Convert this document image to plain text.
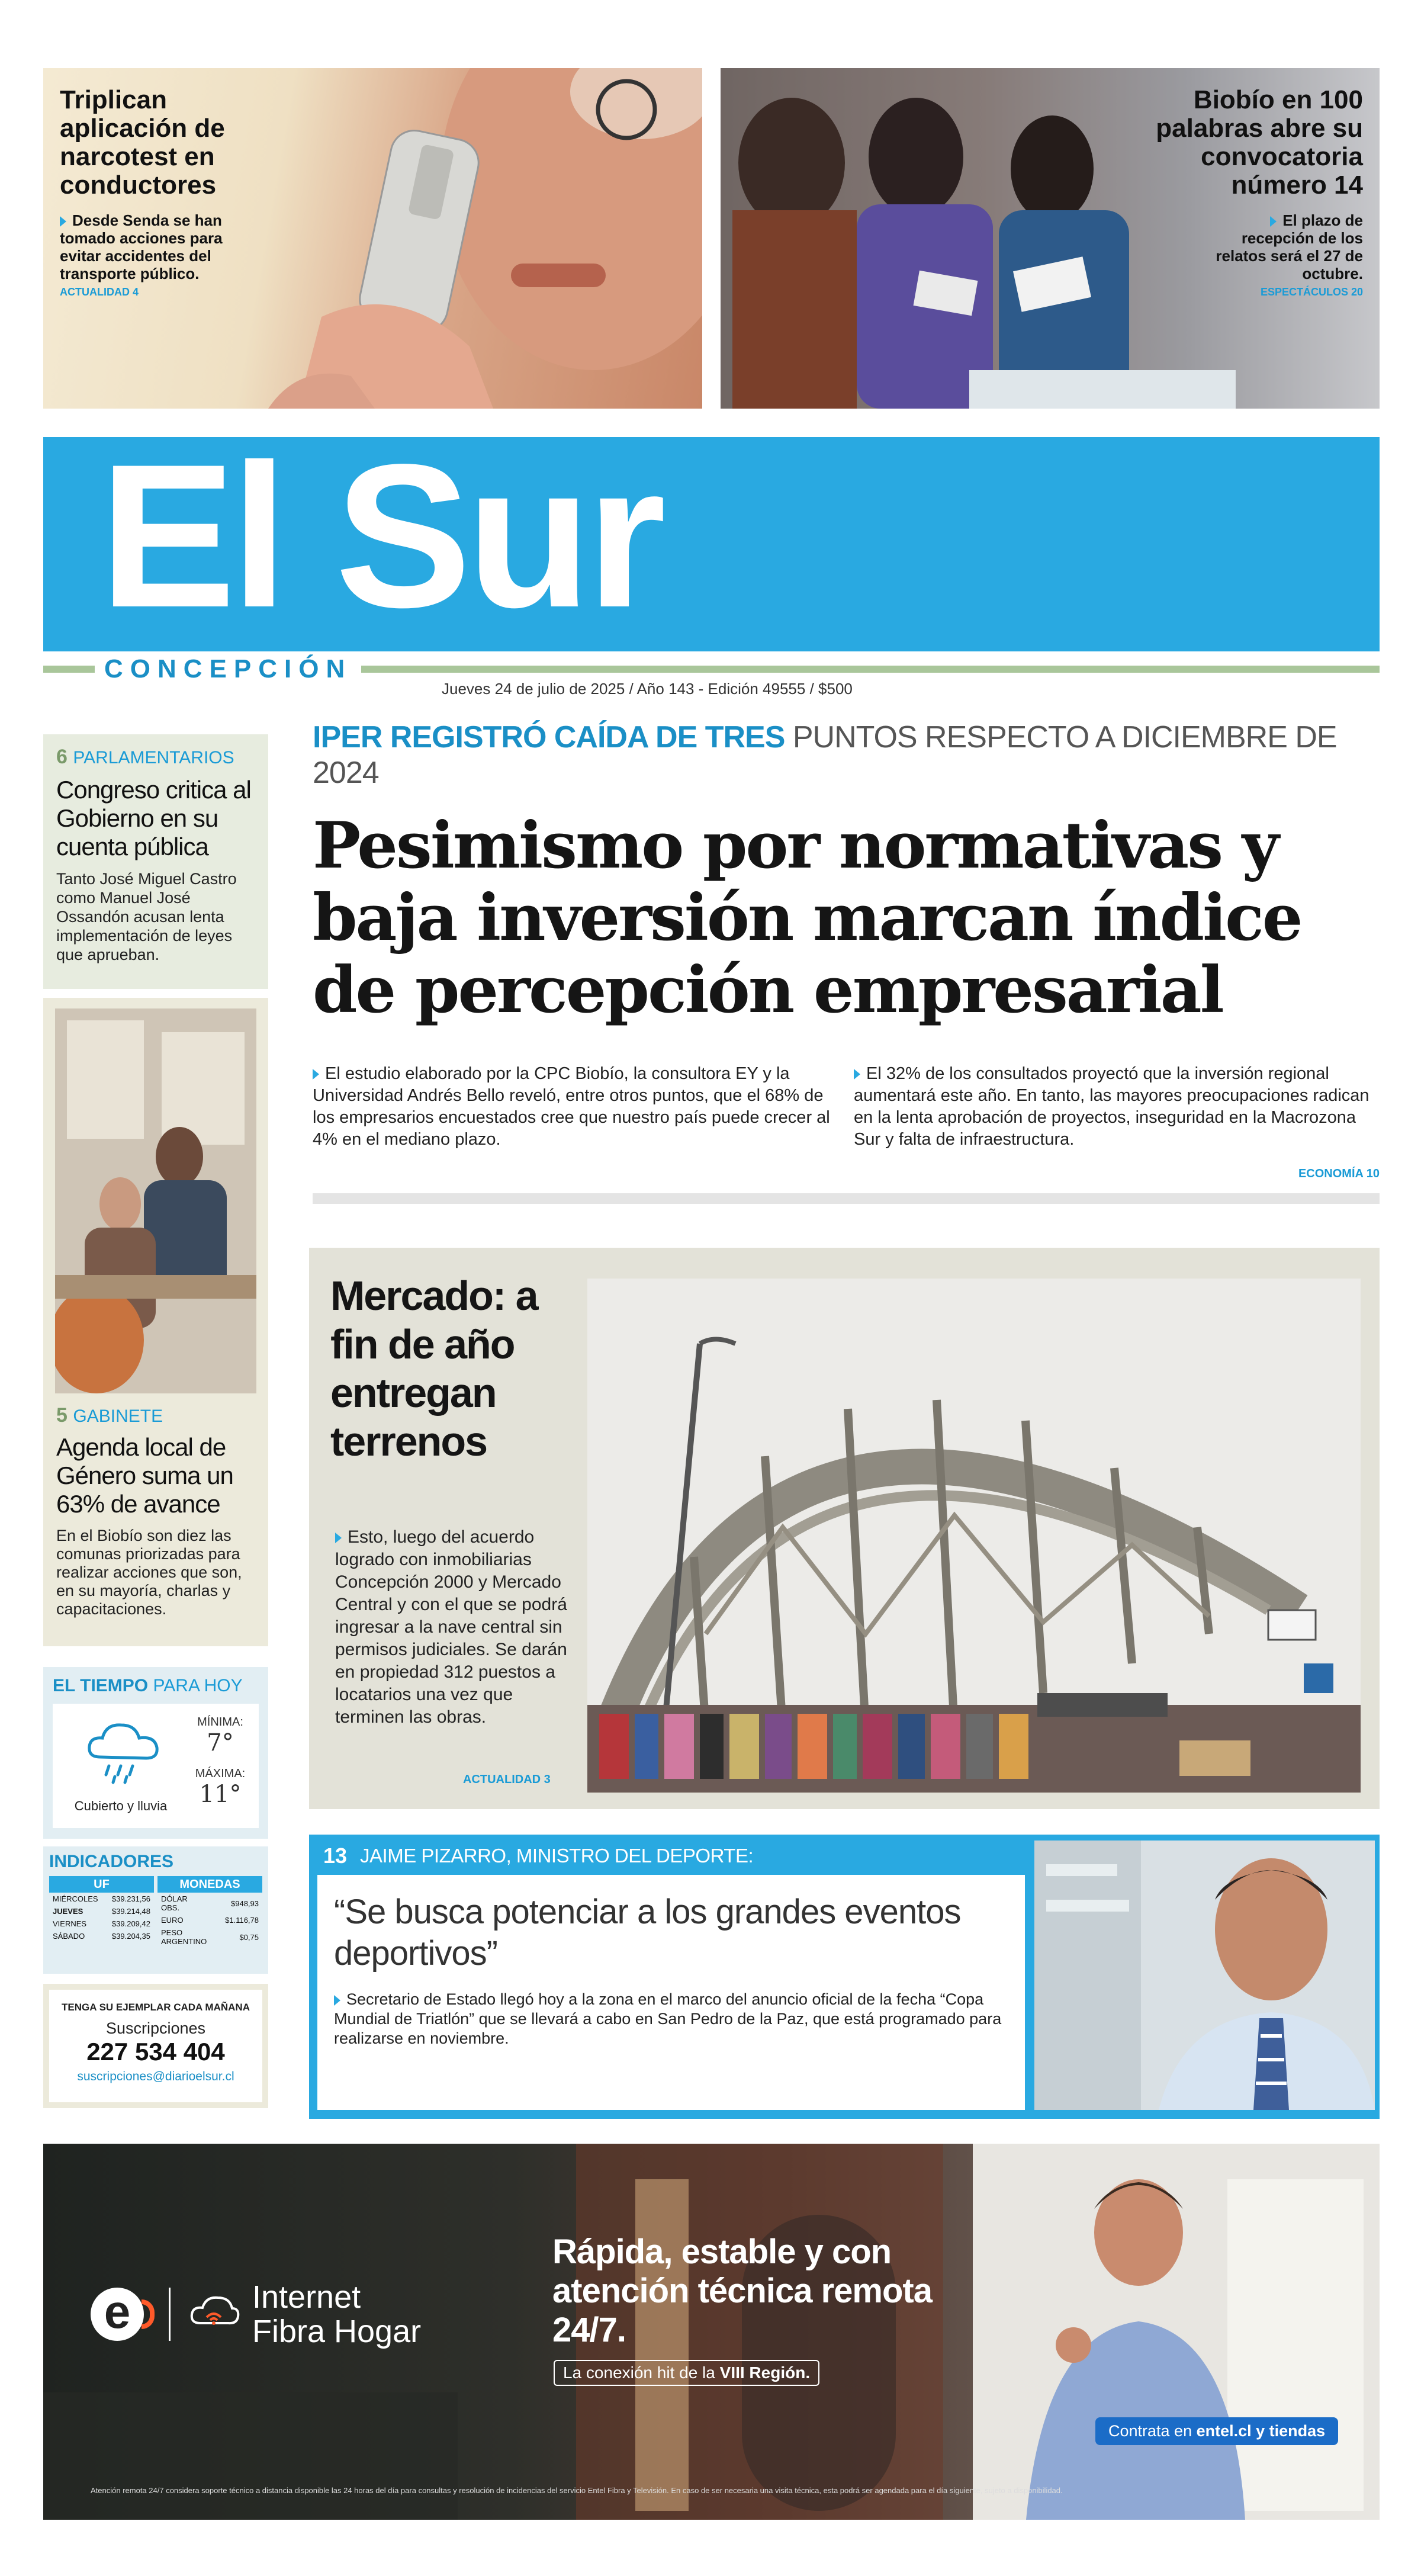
Triplican aplicación de narcotest en conductores
Desde Senda se han tomado acciones para evitar accidentes del transporte público.
ACTUALIDAD 4
Biobío en 100 palabras abre su convocatoria número 14
El plazo de recepción de los relatos será el 27 de octubre.
ESPECTÁCULOS 20
El Sur
CONCEPCIÓN
Jueves 24 de julio de 2025 / Año 143 - Edición 49555 / $500
IPER REGISTRÓ CAÍDA DE TRES PUNTOS RESPECTO A DICIEMBRE DE 2024
Pesimismo por normativas y baja inversión marcan índice de percepción empresarial
El estudio elaborado por la CPC Biobío, la consultora EY y la Universidad Andrés Bello reveló, entre otros puntos, que el 68% de los empresarios encuestados cree que nuestro país puede crecer al 4% en el mediano plazo.
El 32% de los consultados proyectó que la inversión regional aumentará este año. En tanto, las mayores preocupaciones radican en la lenta aprobación de proyectos, inseguridad en la Macrozona Sur y falta de infraestructura.
ECONOMÍA 10
6 PARLAMENTARIOS
Congreso critica al Gobierno en su cuenta pública
Tanto José Miguel Castro como Manuel José Ossandón acusan lenta implementación de leyes que aprueban.
5 GABINETE
Agenda local de Género suma un 63% de avance
En el Biobío son diez las comunas priorizadas para realizar acciones que son, en su mayoría, charlas y capacitaciones.
EL TIEMPO PARA HOY
Cubierto y lluvia
MÍNIMA:
7°
MÁXIMA:
11°
INDICADORES
UF
MIÉRCOLES	$39.231,56
JUEVES	$39.214,48
VIERNES	$39.209,42
SÁBADO	$39.204,35
MONEDAS
DÓLAR OBS.	$948,93
EURO	$1.116,78
PESO ARGENTINO	$0,75
TENGA SU EJEMPLAR CADA MAÑANA
Suscripciones
227 534 404
suscripciones@diarioelsur.cl
Mercado: a fin de año entregan terrenos
Esto, luego del acuerdo logrado con inmobiliarias Concepción 2000 y Mercado Central y con el que se podrá ingresar a la nave central sin permisos judiciales. Se darán en propiedad 312 puestos a locatarios una vez que terminen las obras.
ACTUALIDAD 3
13 JAIME PIZARRO, MINISTRO DEL DEPORTE:
“Se busca potenciar a los grandes eventos deportivos”
Secretario de Estado llegó hoy a la zona en el marco del anuncio oficial de la fecha “Copa Mundial de Triatlón” que se llevará a cabo en San Pedro de la Paz, que está programado para realizarse en noviembre.
e	Internet
Fibra Hogar
Rápida, estable y con atención técnica remota 24/7.
La conexión hit de la VIII Región.
Contrata en entel.cl y tiendas
Atención remota 24/7 considera soporte técnico a distancia disponible las 24 horas del día para consultas y resolución de incidencias del servicio Entel Fibra y Televisión. En caso de ser necesaria una visita técnica, esta podrá ser agendada para el día siguiente, sujeto a disponibilidad.
